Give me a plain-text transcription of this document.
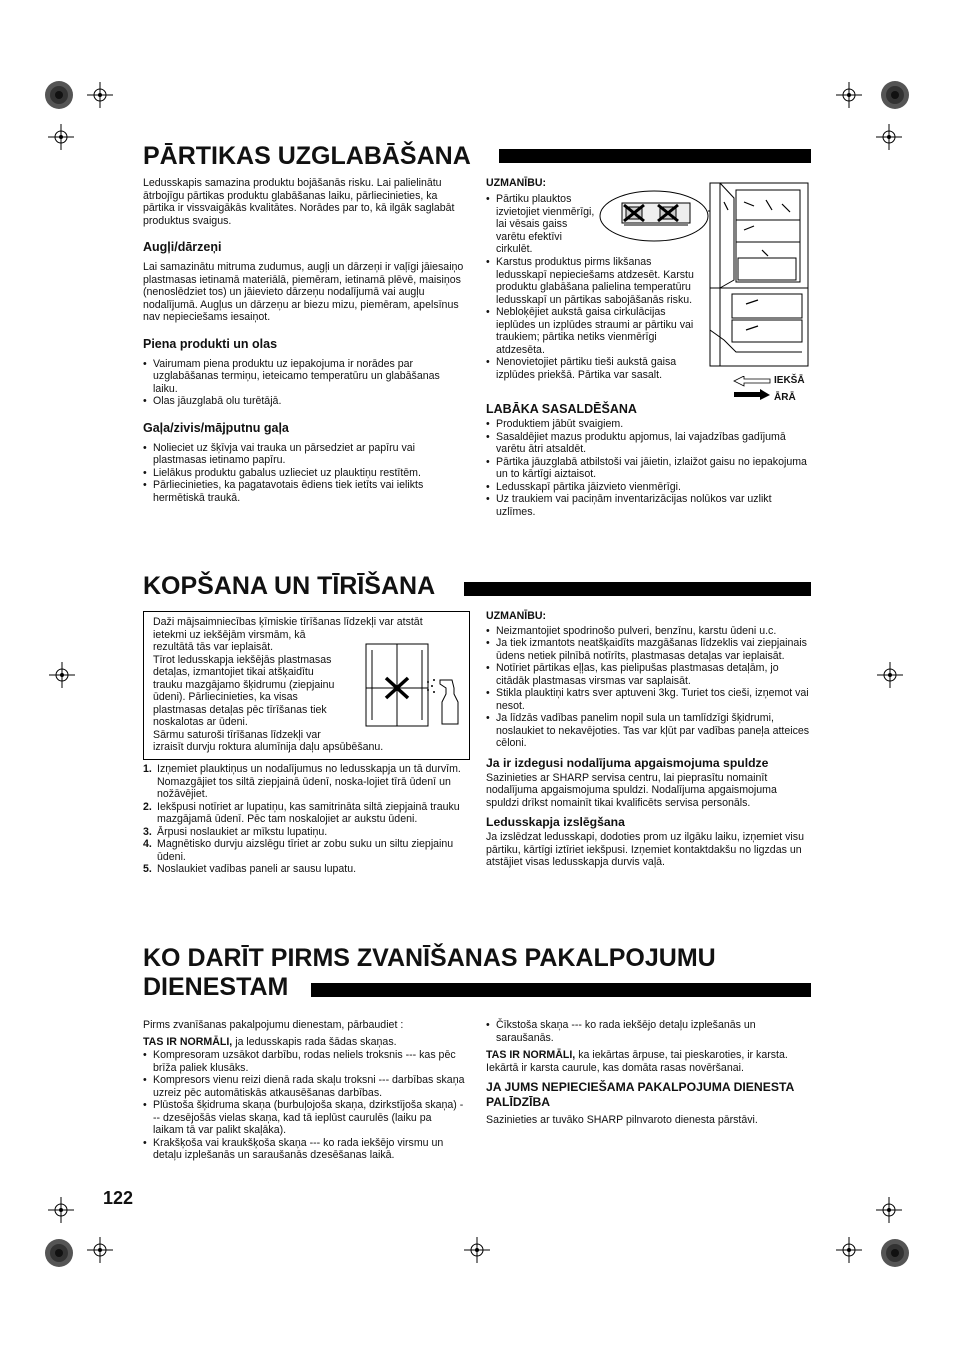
PĀRTIKAS UZGLABĀŠANA

Ledusskapis samazina produktu bojāšanās risku. Lai palielinātu ātrbojīgu pārtikas produktu glabāšanas laiku, pārliecinieties, ka pārtika ir vissvaigākās kvalitātes. Norādes par to, kā ilgāk saglabāt produktus svaigus.

Augļi/dārzeņi

Lai samazinātu mitruma zudumus, augļi un dārzeņi ir vaļīgi jāiesaiņo plastmasas ietinamā materiālā, piemēram, ietinamā plēvē, maisiņos (nenoslēdziet tos) un jāievieto dārzeņu nodalījumā vai augļu nodalījumā. Augļus un dārzeņu ar biezu mizu, piemēram, apelsīnus nav nepieciešams iesaiņot.

Piena produkti un olas

• Vairumam piena produktu uz iepakojuma ir norādes par uzglabāšanas termiņu, ieteicamo temperatūru un glabāšanas laiku.
• Olas jāuzglabā olu turētājā.

Gaļa/zivis/mājputnu gaļa

• Nolieciet uz šķīvja vai trauka un pārsedziet ar papīru vai plastmasas ietinamo papīru.
• Lielākus produktu gabalus uzlieciet uz plauktiņu restītēm.
• Pārliecinieties, ka pagatavotais ēdiens tiek ietīts vai ielikts hermētiskā traukā.

UZMANĪBU:

• Pārtiku plauktos izvietojiet vienmērīgi, lai vēsais gaiss varētu efektīvi cirkulēt.
• Karstus produktus pirms likšanas ledusskapī nepieciešams atdzesēt. Karstu produktu glabāšana palielina temperatūru ledusskapī un pārtikas sabojāšanās risku.
• Nebloķējiet aukstā gaisa cirkulācijas ieplūdes un izplūdes straumi ar pārtiku vai traukiem; pārtika netiks vienmērīgi atdzesēta.
• Nenovietojiet pārtiku tieši aukstā gaisa izplūdes priekšā. Pārtika var sasalt.	IEKŠĀ
ĀRĀ

LABĀKA SASALDĒŠANA

• Produktiem jābūt svaigiem.
• Sasaldējiet mazus produktu apjomus, lai vajadzības gadījumā varētu ātri atsaldēt.
• Pārtika jāuzglabā atbilstoši vai jāietin, izlaižot gaisu no iepakojuma un to kārtīgi aiztaisot.
• Ledusskapī pārtika jāizvieto vienmērīgi.
• Uz traukiem vai paciņām inventarizācijas nolūkos var uzlikt uzlīmes.
KOPŠANA UN TĪRĪŠANA

Daži mājsaimniecības ķīmiskie tīrīšanas līdzekļi var atstāt

ietekmi uz iekšējām virsmām, kā

rezultātā tās var ieplaisāt.

Tīrot ledusskapja iekšējās plastmasas

detaļas, izmantojiet tikai atšķaidītu

trauku mazgājamo šķidrumu (ziepjainu

ūdeni). Pārliecinieties, ka visas

plastmasas detaļas pēc tīrīšanas tiek

noskalotas ar ūdeni.

Sārmu saturoši tīrīšanas līdzekļi var

izraisīt durvju roktura alumīnija daļu apsūbēšanu.

1. Izņemiet plauktiņus un nodalījumus no ledusskapja un tā durvīm. Nomazgājiet tos siltā ziepjainā ūdenī, noska-lojiet tīrā ūdenī un nožāvējiet.
2. Iekšpusi notīriet ar lupatiņu, kas samitrināta siltā ziepjainā trauku mazgājamā ūdenī. Pēc tam noskalojiet ar aukstu ūdeni.
3. Ārpusi noslaukiet ar mīkstu lupatiņu.
4. Magnētisko durvju aizslēgu tīriet ar zobu suku un siltu ziepjainu ūdeni.
5. Noslaukiet vadības paneli ar sausu lupatu.

UZMANĪBU:

• Neizmantojiet spodrinošo pulveri, benzīnu, karstu ūdeni u.c.
• Ja tiek izmantots neatšķaidīts mazgāšanas līdzeklis vai ziepjainais ūdens netiek pilnībā notīrīts, plastmasas detaļas var ieplaisāt.
• Notīriet pārtikas eļļas, kas pielipušas plastmasas detaļām, jo citādāk plastmasas virsmas var saplaisāt.
• Stikla plauktiņi katrs sver aptuveni 3kg. Turiet tos cieši, izņemot vai nesot.
• Ja līdzās vadības panelim nopil sula un tamlīdzīgi šķidrumi, noslaukiet to nekavējoties. Tas var kļūt par vadības paneļa atteices cēloni.

Ja ir izdegusi nodalījuma apgaismojuma spuldze

Sazinieties ar SHARP servisa centru, lai pieprasītu nomainīt nodalījuma apgaismojuma spuldzi. Nodalījuma apgaismojuma spuldzi drīkst nomainīt tikai kvalificēts servisa personāls.

Ledusskapja izslēgšana

Ja izslēdzat ledusskapi, dodoties prom uz ilgāku laiku, izņemiet visu pārtiku, kārtīgi iztīriet iekšpusi. Izņemiet kontaktdakšu no ligzdas un atstājiet visas ledusskapja durvis vaļā.

KO DARĪT PIRMS ZVANĪŠANAS PAKALPOJUMU
DIENESTAM

Pirms zvanīšanas pakalpojumu dienestam, pārbaudiet :

TAS IR NORMĀLI, ja ledusskapis rada šādas skaņas.

• Kompresoram uzsākot darbību, rodas neliels troksnis --- kas pēc brīža paliek klusāks.
• Kompresors vienu reizi dienā rada skaļu troksni --- darbības skaņa uzreiz pēc automātiskās atkausēšanas darbības.
• Plūstoša šķidruma skaņa (burbuļojoša skaņa, dzirkstījoša skaņa) --- dzesējošās vielas skaņa, kad tā ieplūst caurulēs (laiku pa laikam tā var palikt skaļāka).
• Krakšķoša vai kraukšķoša skaņa --- ko rada iekšējo virsmu un detaļu izplešanās un saraušanās dzesēšanas laikā.
• Čīkstoša skaņa --- ko rada iekšējo detaļu izplešanās un saraušanās.

TAS IR NORMĀLI, ka iekārtas ārpuse, tai pieskaroties, ir karsta. Iekārtā ir karsta caurule, kas domāta rasas novēršanai.

JA JUMS NEPIECIEŠAMA PAKALPOJUMA DIENESTA PALĪDZĪBA

Sazinieties ar tuvāko SHARP pilnvaroto dienesta pārstāvi.

122
